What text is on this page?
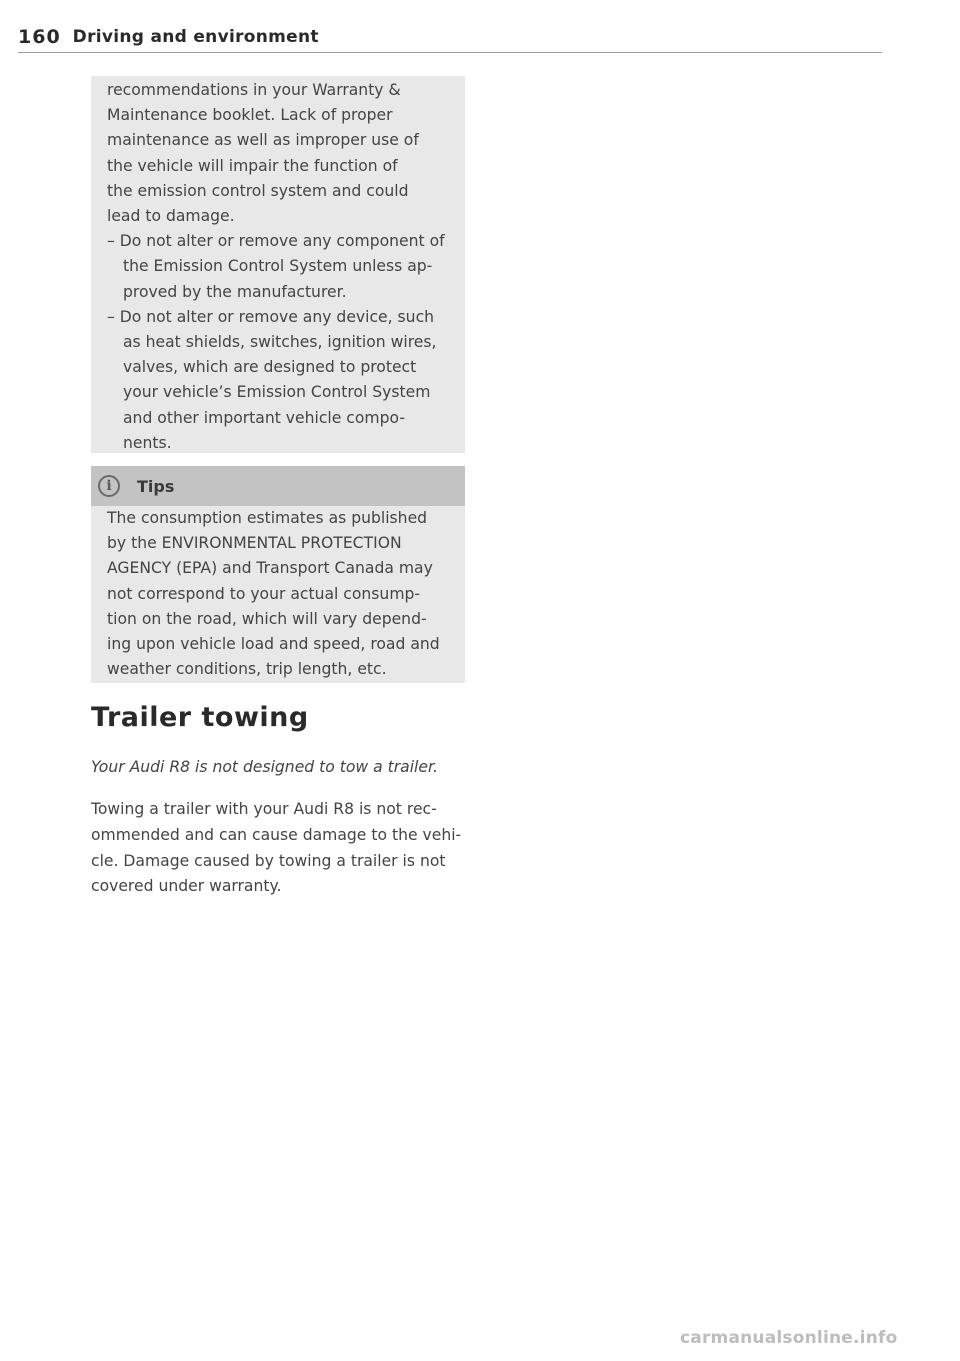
160 Driving and environment

recommendations in your Warranty &
Maintenance booklet. Lack of proper
maintenance as well as improper use of
the vehicle will impair the function of
the emission control system and could
lead to damage.

– Do not alter or remove any component of
the Emission Control System unless ap-
proved by the manufacturer.

– Do not alter or remove any device, such
as heat shields, switches, ignition wires,
valves, which are designed to protect
your vehicle’s Emission Control System
and other important vehicle compo-
nents.

i	Tips

The consumption estimates as published
by the ENVIRONMENTAL PROTECTION
AGENCY (EPA) and Transport Canada may
not correspond to your actual consump-
tion on the road, which will vary depend-
ing upon vehicle load and speed, road and
weather conditions, trip length, etc.

Trailer towing

Your Audi R8 is not designed to tow a trailer.

Towing a trailer with your Audi R8 is not rec-
ommended and can cause damage to the vehi-
cle. Damage caused by towing a trailer is not
covered under warranty.

carmanualsonline.info
